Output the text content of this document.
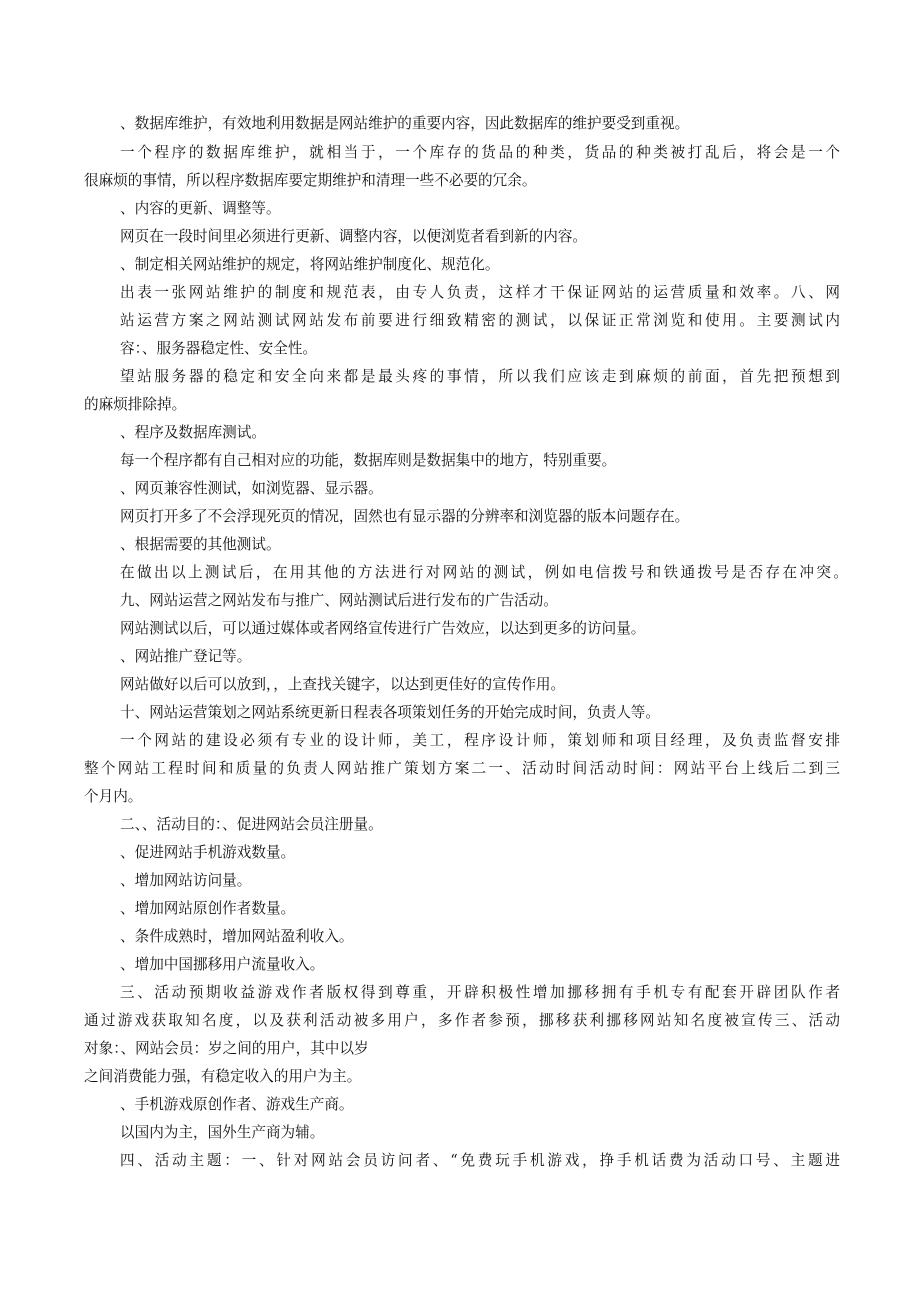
、数据库维护，有效地利用数据是网站维护的重要内容，因此数据库的维护要受到重视。
一个程序的数据库维护，就相当于，一个库存的货品的种类，货品的种类被打乱后，将会是一个
很麻烦的事情，所以程序数据库要定期维护和清理一些不必要的冗余。
、内容的更新、调整等。
网页在一段时间里必须进行更新、调整内容，以便浏览者看到新的内容。
、制定相关网站维护的规定，将网站维护制度化、规范化。
出表一张网站维护的制度和规范表，由专人负责，这样才干保证网站的运营质量和效率。八、网
站运营方案之网站测试网站发布前要进行细致精密的测试，以保证正常浏览和使用。主要测试内
容：、服务器稳定性、安全性。
望站服务器的稳定和安全向来都是最头疼的事情，所以我们应该走到麻烦的前面，首先把预想到
的麻烦排除掉。
、程序及数据库测试。
每一个程序都有自己相对应的功能，数据库则是数据集中的地方，特别重要。
、网页兼容性测试，如浏览器、显示器。
网页打开多了不会浮现死页的情况，固然也有显示器的分辨率和浏览器的版本问题存在。
、根据需要的其他测试。
在做出以上测试后，在用其他的方法进行对网站的测试，例如电信拨号和铁通拨号是否存在冲突。
九、网站运营之网站发布与推广、网站测试后进行发布的广告活动。
网站测试以后，可以通过媒体或者网络宣传进行广告效应，以达到更多的访问量。
、网站推广登记等。
网站做好以后可以放到，，上查找关键字，以达到更佳好的宣传作用。
十、网站运营策划之网站系统更新日程表各项策划任务的开始完成时间，负责人等。
一个网站的建设必须有专业的设计师，美工，程序设计师，策划师和项目经理，及负责监督安排
整个网站工程时间和质量的负责人网站推广策划方案二一、活动时间活动时间：网站平台上线后二到三
个月内。
二、、活动目的：、促进网站会员注册量。
、促进网站手机游戏数量。
、增加网站访问量。
、增加网站原创作者数量。
、条件成熟时，增加网站盈利收入。
、增加中国挪移用户流量收入。
三、活动预期收益游戏作者版权得到尊重，开辟积极性增加挪移拥有手机专有配套开辟团队作者
通过游戏获取知名度，以及获利活动被多用户，多作者参预，挪移获利挪移网站知名度被宣传三、活动
对象：、网站会员：岁之间的用户，其中以岁
之间消费能力强，有稳定收入的用户为主。
、手机游戏原创作者、游戏生产商。
以国内为主，国外生产商为辅。
四、活动主题：一、针对网站会员访问者、“免费玩手机游戏，挣手机话费为活动口号、主题进
